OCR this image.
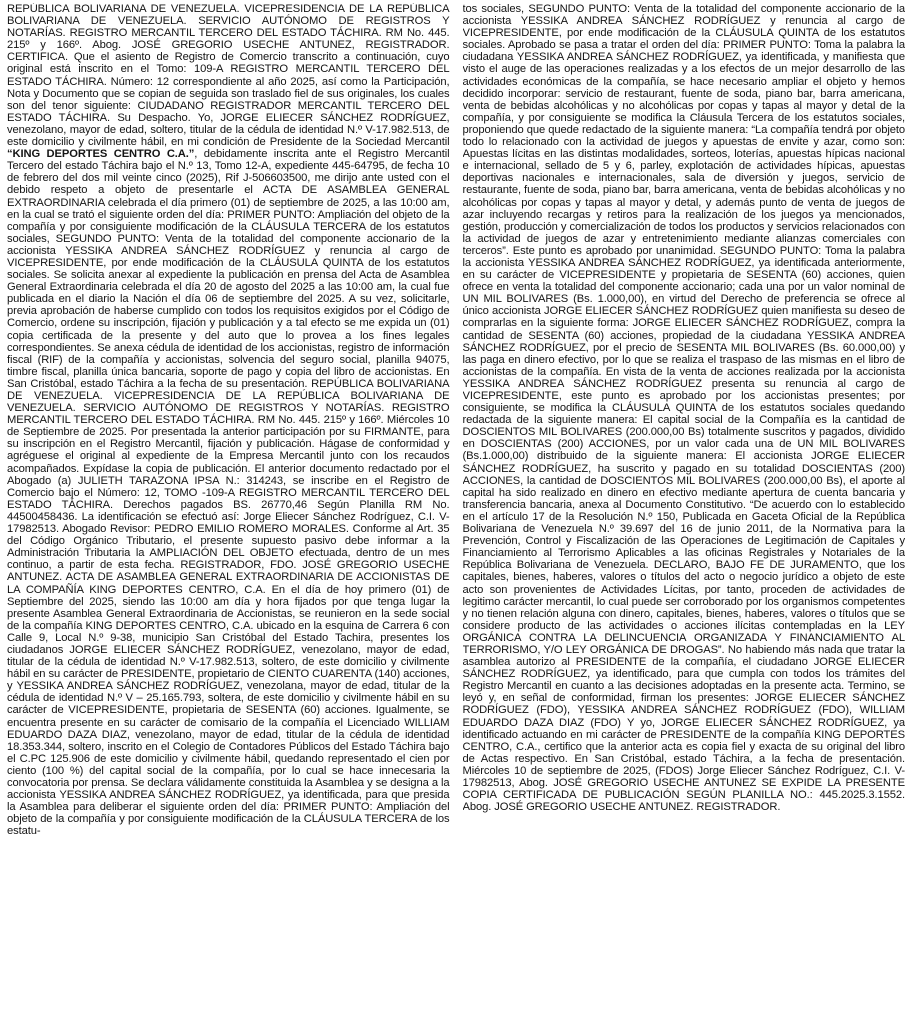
REPÚBLICA BOLIVARIANA DE VENEZUELA. VICEPRESIDENCIA DE LA REPÚBLICA BOLIVARIANA DE VENEZUELA. SERVICIO AUTÓNOMO DE REGISTROS Y NOTARÍAS. REGISTRO MERCANTIL TERCERO DEL ESTADO TÁCHIRA. RM No. 445. 215º y 166º. Abog. JOSÉ GREGORIO USECHE ANTUNEZ, REGISTRADOR. CERTIFICA. Que el asiento de Registro de Comercio transcrito a continuación, cuyo original está inscrito en el Tomo: 109-A REGISTRO MERCANTIL TERCERO DEL ESTADO TÁCHIRA. Número: 12 correspondiente al año 2025, así como la Participación, Nota y Documento que se copian de seguida son traslado fiel de sus originales, los cuales son del tenor siguiente: CIUDADANO REGISTRADOR MERCANTIL TERCERO DEL ESTADO TÁCHIRA. Su Despacho. Yo, JORGE ELIECER SÁNCHEZ RODRÍGUEZ, venezolano, mayor de edad, soltero, titular de la cédula de identidad N.º V-17.982.513, de este domicilio y civilmente hábil, en mi condición de Presidente de la Sociedad Mercantil “KING DEPORTES CENTRO C.A.”, debidamente inscrita ante el Registro Mercantil Tercero del estado Táchira bajo el N.º 13, Tomo 12-A, expediente 445-64795, de fecha 10 de febrero del dos mil veinte cinco (2025), Rif J-506603500, me dirijo ante usted con el debido respeto a objeto de presentarle el ACTA DE ASAMBLEA GENERAL EXTRAORDINARIA celebrada el día primero (01) de septiembre de 2025, a las 10:00 am, en la cual se trató el siguiente orden del día: PRIMER PUNTO: Ampliación del objeto de la compañía y por consiguiente modificación de la CLÁUSULA TERCERA de los estatutos sociales, SEGUNDO PUNTO: Venta de la totalidad del componente accionario de la accionista YESSIKA ANDREA SÁNCHEZ RODRÍGUEZ y renuncia al cargo de VICEPRESIDENTE, por ende modificación de la CLÁUSULA QUINTA de los estatutos sociales. Se solicita anexar al expediente la publicación en prensa del Acta de Asamblea General Extraordinaria celebrada el día 20 de agosto del 2025 a las 10:00 am, la cual fue publicada en el diario la Nación el día 06 de septiembre del 2025. A su vez, solicitarle, previa aprobación de haberse cumplido con todos los requisitos exigidos por el Código de Comercio, ordene su inscripción, fijación y publicación y a tal efecto se me expida un (01) copia certificada de la presente y del auto que lo provea a los fines legales correspondientes. Se anexa cédula de identidad de los accionistas, registro de información fiscal (RIF) de la compañía y accionistas, solvencia del seguro social, planilla 94075, timbre fiscal, planilla única bancaria, soporte de pago y copia del libro de accionistas. En San Cristóbal, estado Táchira a la fecha de su presentación. REPÚBLICA BOLIVARIANA DE VENEZUELA. VICEPRESIDENCIA DE LA REPÚBLICA BOLIVARIANA DE VENEZUELA. SERVICIO AUTÓNOMO DE REGISTROS Y NOTARÍAS. REGISTRO MERCANTIL TERCERO DEL ESTADO TÁCHIRA. RM No. 445. 215º y 166º. Miércoles 10 de Septiembre de 2025. Por presentada la anterior participación por su FIRMANTE, para su inscripción en el Registro Mercantil, fijación y publicación. Hágase de conformidad y agréguese el original al expediente de la Empresa Mercantil junto con los recaudos acompañados. Expídase la copia de publicación. El anterior documento redactado por el Abogado (a) JULIETH TARAZONA IPSA N.: 314243, se inscribe en el Registro de Comercio bajo el Número: 12, TOMO -109-A REGISTRO MERCANTIL TERCERO DEL ESTADO TÁCHIRA. Derechos pagados BS. 26770,46 Según Planilla RM No. 44500458436. La identificación se efectuó así: Jorge Eliecer Sánchez Rodríguez, C.I. V-17982513. Abogado Revisor: PEDRO EMILIO ROMERO MORALES. Conforme al Art. 35 del Código Orgánico Tributario, el presente supuesto pasivo debe informar a la Administración Tributaria la AMPLIACIÓN DEL OBJETO efectuada, dentro de un mes continuo, a partir de esta fecha. REGISTRADOR, FDO. JOSÉ GREGORIO USECHE ANTUNEZ. ACTA DE ASAMBLEA GENERAL EXTRAORDINARIA DE ACCIONISTAS DE LA COMPAÑÍA KING DEPORTES CENTRO, C.A. En el día de hoy primero (01) de Septiembre del 2025, siendo las 10:00 am día y hora fijados por que tenga lugar la presente Asamblea General Extraordinaria de Accionistas, se reunieron en la sede social de la compañía KING DEPORTES CENTRO, C.A. ubicado en la esquina de Carrera 6 con Calle 9, Local N.º 9-38, municipio San Cristóbal del Estado Tachira, presentes los ciudadanos JORGE ELIECER SÁNCHEZ RODRÍGUEZ, venezolano, mayor de edad, titular de la cédula de identidad N.º V-17.982.513, soltero, de este domicilio y civilmente hábil en su carácter de PRESIDENTE, propietario de CIENTO CUARENTA (140) acciones, y YESSIKA ANDREA SÁNCHEZ RODRÍGUEZ, venezolana, mayor de edad, titular de la cédula de identidad N.º V – 25.165.793, soltera, de este domicilio y civilmente hábil en su carácter de VICEPRESIDENTE, propietaria de SESENTA (60) acciones. Igualmente, se encuentra presente en su carácter de comisario de la compañía el Licenciado WILLIAM EDUARDO DAZA DIAZ, venezolano, mayor de edad, titular de la cédula de identidad 18.353.344, soltero, inscrito en el Colegio de Contadores Públicos del Estado Táchira bajo el C.PC 125.906 de este domicilio y civilmente hábil, quedando representado el cien por ciento (100 %) del capital social de la compañía, por lo cual se hace innecesaria la convocatoria por prensa. Se declara válidamente constituida la Asamblea y se designa a la accionista YESSIKA ANDREA SÁNCHEZ RODRÍGUEZ, ya identificada, para que presida la Asamblea para deliberar el siguiente orden del día: PRIMER PUNTO: Ampliación del objeto de la compañía y por consiguiente modificación de la CLÁUSULA TERCERA de los estatu-

tos sociales, SEGUNDO PUNTO: Venta de la totalidad del componente accionario de la accionista YESSIKA ANDREA SÁNCHEZ RODRÍGUEZ y renuncia al cargo de VICEPRESIDENTE, por ende modificación de la CLÁUSULA QUINTA de los estatutos sociales. Aprobado se pasa a tratar el orden del día: PRIMER PUNTO: Toma la palabra la ciudadana YESSIKA ANDREA SÁNCHEZ RODRÍGUEZ, ya identificada, y manifiesta que visto el auge de las operaciones realizadas y a los efectos de un mejor desarrollo de las actividades económicas de la compañía, se hace necesario ampliar el objeto y hemos decidido incorporar: servicio de restaurant, fuente de soda, piano bar, barra americana, venta de bebidas alcohólicas y no alcohólicas por copas y tapas al mayor y detal de la compañía, y por consiguiente se modifica la Cláusula Tercera de los estatutos sociales, proponiendo que quede redactado de la siguiente manera: “La compañía tendrá por objeto todo lo relacionado con la actividad de juegos y apuestas de envite y azar, como son: Apuestas lícitas en las distintas modalidades, sorteos, loterías, apuestas hípicas nacional e internacional, sellado de 5 y 6, parley, explotación de actividades hípicas, apuestas deportivas nacionales e internacionales, sala de diversión y juegos, servicio de restaurante, fuente de soda, piano bar, barra americana, venta de bebidas alcohólicas y no alcohólicas por copas y tapas al mayor y detal, y además punto de venta de juegos de azar incluyendo recargas y retiros para la realización de los juegos ya mencionados, gestión, producción y comercialización de todos los productos y servicios relacionados con la actividad de juegos de azar y entretenimiento mediante alianzas comerciales con terceros”. Este punto es aprobado por unanimidad. SEGUNDO PUNTO: Toma la palabra la accionista YESSIKA ANDREA SÁNCHEZ RODRÍGUEZ, ya identificada anteriormente, en su carácter de VICEPRESIDENTE y propietaria de SESENTA (60) acciones, quien ofrece en venta la totalidad del componente accionario; cada una por un valor nominal de UN MIL BOLIVARES (Bs. 1.000,00), en virtud del Derecho de preferencia se ofrece al único accionista JORGE ELIECER SÁNCHEZ RODRÍGUEZ quien manifiesta su deseo de comprarlas en la siguiente forma: JORGE ELIECER SÁNCHEZ RODRÍGUEZ, compra la cantidad de SESENTA (60) acciones, propiedad de la ciudadana YESSIKA ANDREA SÁNCHEZ RODRÍGUEZ, por el precio de SESENTA MIL BOLIVARES (Bs. 60.000,00) y las paga en dinero efectivo, por lo que se realiza el traspaso de las mismas en el libro de accionistas de la compañía. En vista de la venta de acciones realizada por la accionista YESSIKA ANDREA SÁNCHEZ RODRÍGUEZ presenta su renuncia al cargo de VICEPRESIDENTE, este punto es aprobado por los accionistas presentes; por consiguiente, se modifica la CLÁUSULA QUINTA de los estatutos sociales quedando redactada de la siguiente manera: El capital social de la Compañía es la cantidad de DOSCIENTOS MIL BOLIVARES (200.000,00 Bs) totalmente suscritos y pagados, dividido en DOSCIENTAS (200) ACCIONES, por un valor cada una de UN MIL BOLIVARES (Bs.1.000,00) distribuido de la siguiente manera: El accionista JORGE ELIECER SÁNCHEZ RODRÍGUEZ, ha suscrito y pagado en su totalidad DOSCIENTAS (200) ACCIONES, la cantidad de DOSCIENTOS MIL BOLIVARES (200.000,00 Bs), el aporte al capital ha sido realizado en dinero en efectivo mediante apertura de cuenta bancaria y transferencia bancaria, anexa al Documento Constitutivo. “De acuerdo con lo establecido en el artículo 17 de la Resolución N.º 150, Publicada en Gaceta Oficial de la República Bolivariana de Venezuela N.º 39.697 del 16 de junio 2011, de la Normativa para la Prevención, Control y Fiscalización de las Operaciones de Legitimación de Capitales y Financiamiento al Terrorismo Aplicables a las oficinas Registrales y Notariales de la República Bolivariana de Venezuela. DECLARO, BAJO FE DE JURAMENTO, que los capitales, bienes, haberes, valores o títulos del acto o negocio jurídico a objeto de este acto son provenientes de Actividades Lícitas, por tanto, proceden de actividades de legitimo carácter mercantil, lo cual puede ser corroborado por los organismos competentes y no tienen relación alguna con dinero, capitales, bienes, haberes, valores o títulos que se considere producto de las actividades o acciones ilícitas contempladas en la LEY ORGÁNICA CONTRA LA DELINCUENCIA ORGANIZADA Y FINANCIAMIENTO AL TERRORISMO, Y/O LEY ORGÁNICA DE DROGAS”. No habiendo más nada que tratar la asamblea autorizo al PRESIDENTE de la compañía, el ciudadano JORGE ELIECER SÁNCHEZ RODRÍGUEZ, ya identificado, para que cumpla con todos los trámites del Registro Mercantil en cuanto a las decisiones adoptadas en la presente acta. Termino, se leyó y, en señal de conformidad, firman los presentes: JORGE ELIECER SÁNCHEZ RODRÍGUEZ (FDO), YESSIKA ANDREA SÁNCHEZ RODRÍGUEZ (FDO), WILLIAM EDUARDO DAZA DIAZ (FDO) Y yo, JORGE ELIECER SÁNCHEZ RODRÍGUEZ, ya identificado actuando en mi carácter de PRESIDENTE de la compañía KING DEPORTES CENTRO, C.A., certifico que la anterior acta es copia fiel y exacta de su original del libro de Actas respectivo. En San Cristóbal, estado Táchira, a la fecha de presentación. Miércoles 10 de septiembre de 2025, (FDOS) Jorge Eliecer Sánchez Rodríguez, C.I. V-17982513, Abog. JOSÉ GREGORIO USECHE ANTUNEZ SE EXPIDE LA PRESENTE COPIA CERTIFICADA DE PUBLICACIÓN SEGÚN PLANILLA NO.: 445.2025.3.1552. Abog. JOSÉ GREGORIO USECHE ANTUNEZ. REGISTRADOR.
